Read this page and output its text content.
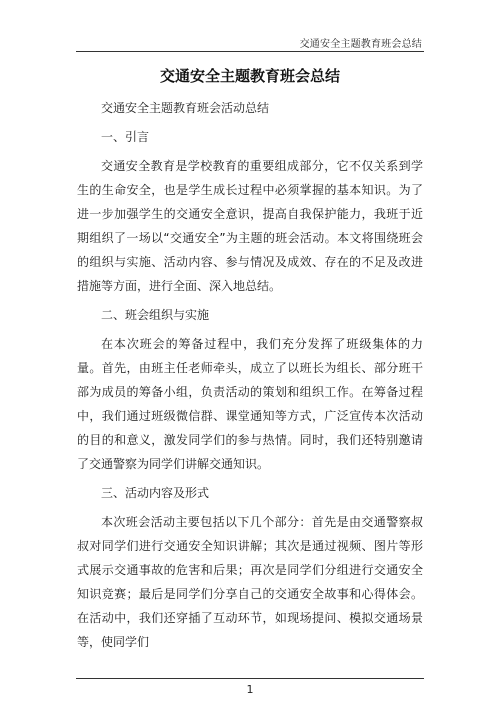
交通安全主题教育班会总结
交通安全主题教育班会总结

交通安全主题教育班会活动总结

一、引言

交通安全教育是学校教育的重要组成部分，它不仅关系到学生的生命安全，也是学生成长过程中必须掌握的基本知识。为了进一步加强学生的交通安全意识，提高自我保护能力，我班于近期组织了一场以“交通安全”为主题的班会活动。本文将围绕班会的组织与实施、活动内容、参与情况及成效、存在的不足及改进措施等方面，进行全面、深入地总结。

二、班会组织与实施

在本次班会的筹备过程中，我们充分发挥了班级集体的力量。首先，由班主任老师牵头，成立了以班长为组长、部分班干部为成员的筹备小组，负责活动的策划和组织工作。在筹备过程中，我们通过班级微信群、课堂通知等方式，广泛宣传本次活动的目的和意义，激发同学们的参与热情。同时，我们还特别邀请了交通警察为同学们讲解交通知识。

三、活动内容及形式

本次班会活动主要包括以下几个部分：首先是由交通警察叔叔对同学们进行交通安全知识讲解；其次是通过视频、图片等形式展示交通事故的危害和后果；再次是同学们分组进行交通安全知识竞赛；最后是同学们分享自己的交通安全故事和心得体会。在活动中，我们还穿插了互动环节，如现场提问、模拟交通场景等，使同学们

1
